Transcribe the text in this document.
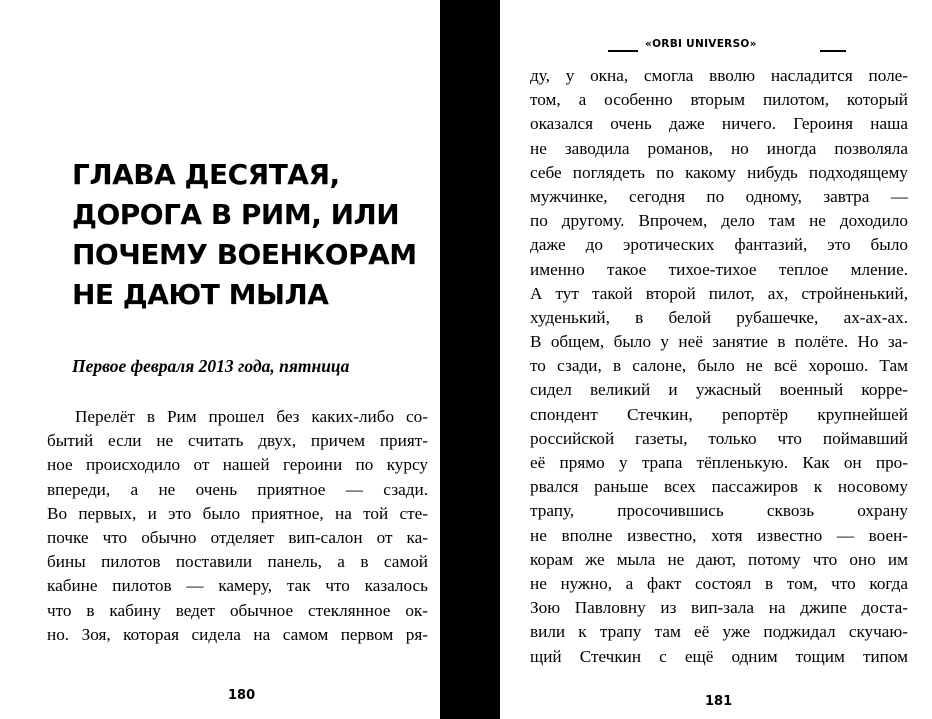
ГЛАВА ДЕСЯТАЯ,
ДОРОГА В РИМ, ИЛИ
ПОЧЕМУ ВОЕНКОРАМ
НЕ ДАЮТ МЫЛА
Первое февраля 2013 года, пятница
Перелёт в Рим прошел без каких-либо со-
бытий если не считать двух, причем прият-
ное происходило от нашей героини по курсу
впереди, а не очень приятное — сзади.
Во первых, и это было приятное, на той сте-
почке что обычно отделяет вип-салон от ка-
бины пилотов поставили панель, а в самой
кабине пилотов — камеру, так что казалось
что в кабину ведет обычное стеклянное ок-
но. Зоя, которая сидела на самом первом ря-
180
«ORBI UNIVERSO»
ду, у окна, смогла вволю насладится поле-
том, а особенно вторым пилотом, который
оказался очень даже ничего. Героиня наша
не заводила романов, но иногда позволяла
себе поглядеть по какому нибудь подходящему
мужчинке, сегодня по одному, завтра —
по другому. Впрочем, дело там не доходило
даже до эротических фантазий, это было
именно такое тихое-тихое теплое мление.
А тут такой второй пилот, ах, стройненький,
худенький, в белой рубашечке, ах-ах-ах.
В общем, было у неё занятие в полёте. Но за-
то сзади, в салоне, было не всё хорошо. Там
сидел великий и ужасный военный корре-
спондент Стечкин, репортёр крупнейшей
российской газеты, только что поймавший
её прямо у трапа тёпленькую. Как он про-
рвался раньше всех пассажиров к носовому
трапу, просочившись сквозь охрану
не вполне известно, хотя известно — воен-
корам же мыла не дают, потому что оно им
не нужно, а факт состоял в том, что когда
Зою Павловну из вип-зала на джипе доста-
вили к трапу там её уже поджидал скучаю-
щий Стечкин с ещё одним тощим типом
181
